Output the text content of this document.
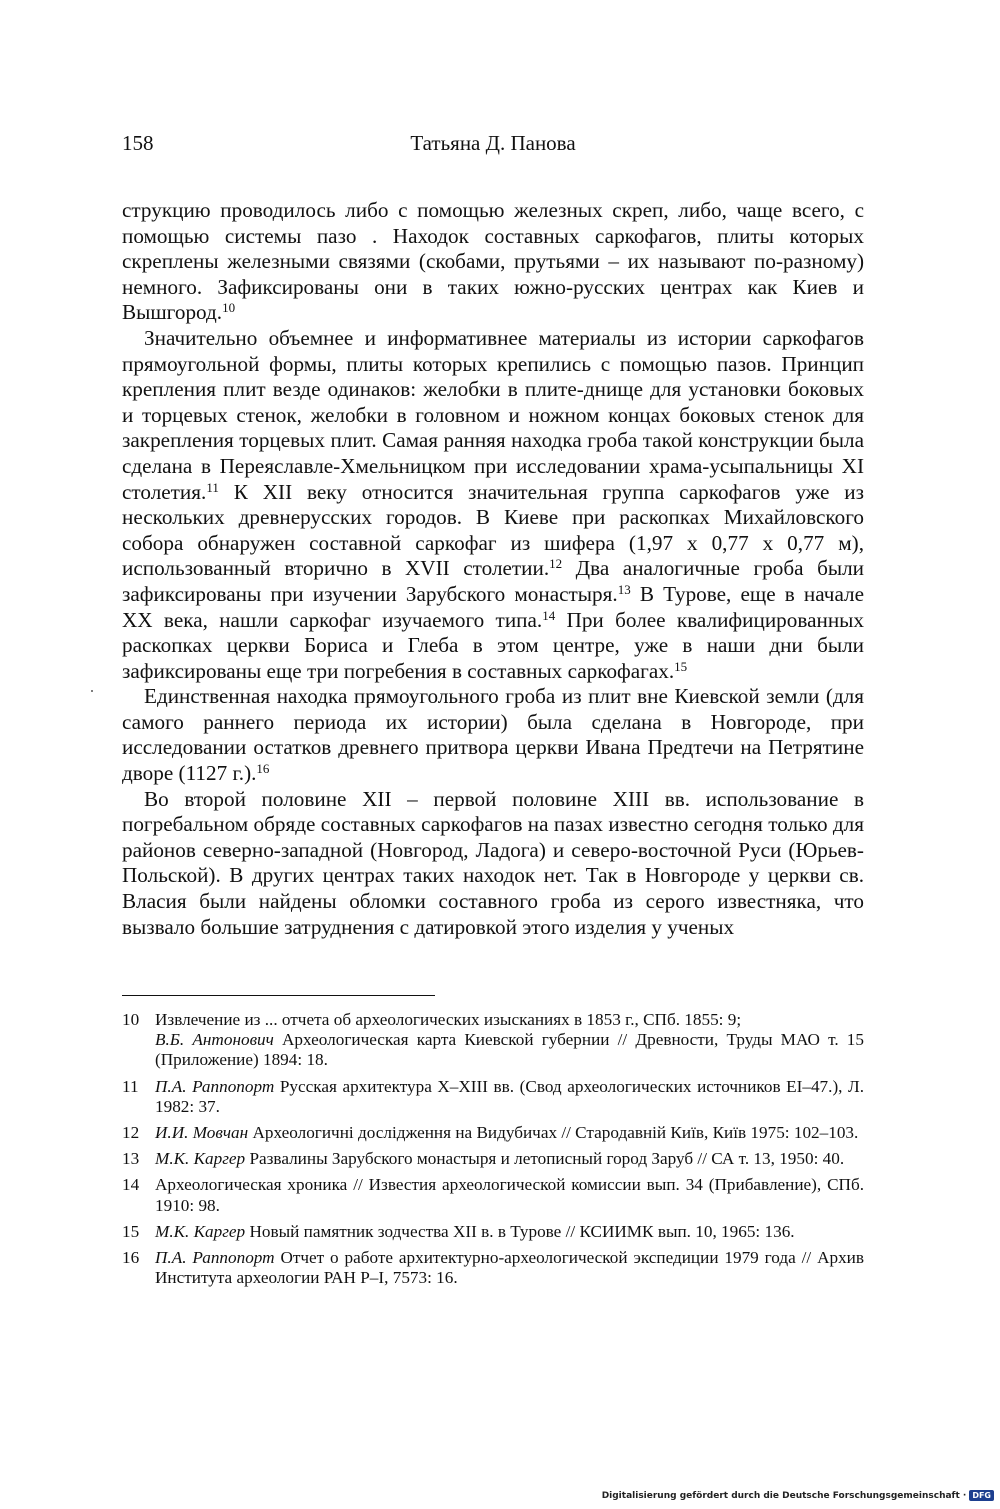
158	Татьяна Д. Панова

струкцию проводилось либо с помощью железных скреп, либо, чаще всего, с помощью системы пазо . Находок составных саркофагов, плиты которых скреплены железными связями (скобами, прутьями – их называют по-разному) немного. Зафиксированы они в таких южно-русских центрах как Киев и Вышгород.$^{10}$

Значительно объемнее и информативнее материалы из истории саркофагов прямоугольной формы, плиты которых крепились с помощью пазов. Принцип крепления плит везде одинаков: желобки в плите-днище для установки боковых и торцевых стенок, желобки в головном и ножном концах боковых стенок для закрепления торцевых плит. Самая ранняя находка гроба такой конструкции была сделана в Переяславле-Хмельницком при исследовании храма-усыпальницы XI столетия.$^{11}$ К XII веку относится значительная группа саркофагов уже из нескольких древнерусских городов. В Киеве при раскопках Михайловского собора обнаружен составной саркофаг из шифера (1,97 х 0,77 х 0,77 м), использованный вторично в XVII столетии.$^{12}$ Два аналогичные гроба были зафиксированы при изучении Зарубского монастыря.$^{13}$ В Турове, еще в начале XX века, нашли саркофаг изучаемого типа.$^{14}$ При более квалифицированных раскопках церкви Бориса и Глеба в этом центре, уже в наши дни были зафиксированы еще три погребения в составных саркофагах.$^{15}$

Единственная находка прямоугольного гроба из плит вне Киевской земли (для самого раннего периода их истории) была сделана в Новгороде, при исследовании остатков древнего притвора церкви Ивана Предтечи на Петрятине дворе (1127 г.).$^{16}$

Во второй половине XII – первой половине XIII вв. использование в погребальном обряде составных саркофагов на пазах известно сегодня только для районов северно-западной (Новгород, Ладога) и северо-восточной Руси (Юрьев-Польской). В других центрах таких находок нет. Так в Новгороде у церкви св. Власия были найдены обломки составного гроба из серого известняка, что вызвало большие затруднения с датировкой этого изделия у ученых

10 Извлечение из ... отчета об археологических изысканиях в 1853 г., СПб. 1855: 9;
В.Б. Антонович Археологическая карта Киевской губернии // Древности, Труды МАО т. 15 (Приложение) 1894: 18.
11 П.А. Раппопорт Русская архитектура X–XIII вв. (Свод археологических источников ЕI–47.), Л. 1982: 37.
12 И.И. Мовчан Археологичнi дослiдження на Видубичах // Стародавнiй Київ, Київ 1975: 102–103.
13 М.К. Каргер Развалины Зарубского монастыря и летописный город Заруб // СА т. 13, 1950: 40.
14 Археологическая хроника // Известия археологической комиссии вып. 34 (Прибавление), СПб. 1910: 98.
15 М.К. Каргер Новый памятник зодчества XII в. в Турове // КСИИМК вып. 10, 1965: 136.
16 П.А. Раппопорт Отчет о работе архитектурно-археологической экспедиции 1979 года // Архив Института археологии РАН Р–I, 7573: 16.
Digitalisierung gefördert durch die Deutsche Forschungsgemeinschaft · DFG
